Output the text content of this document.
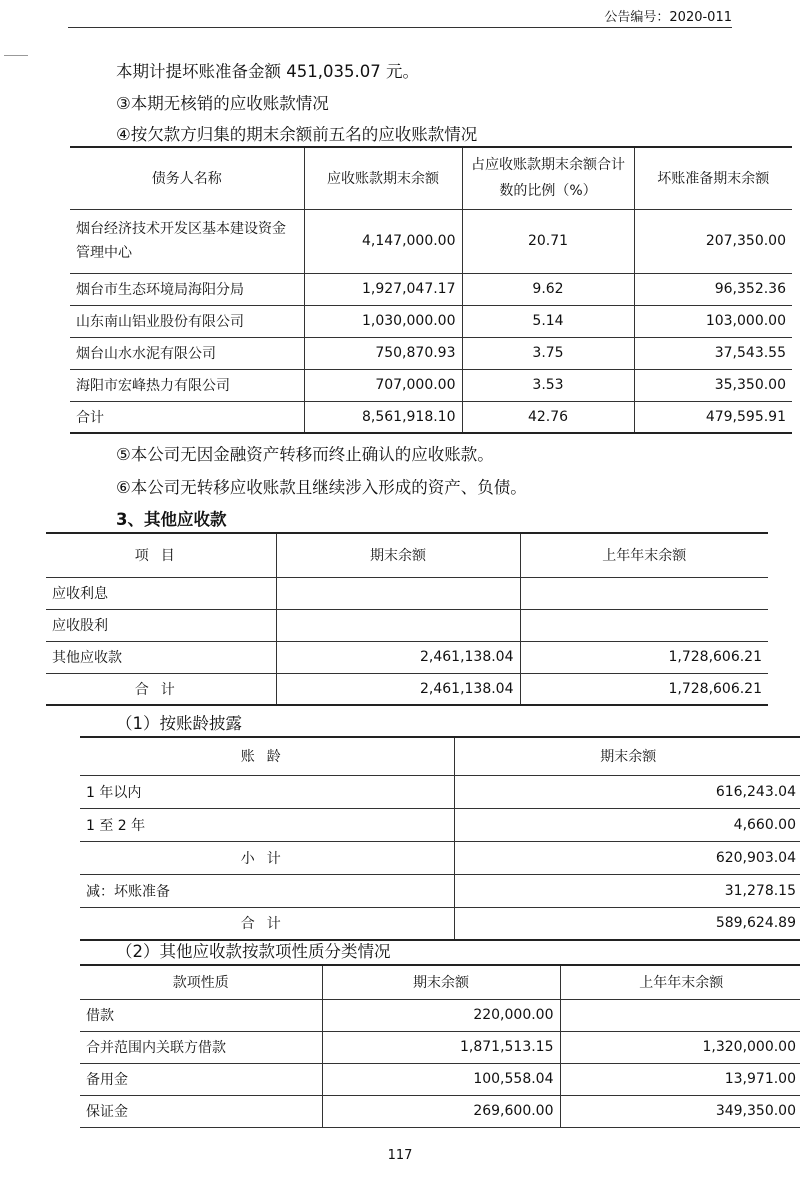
公告编号：2020-011
本期计提坏账准备金额 451,035.07 元。
③本期无核销的应收账款情况
④按欠款方归集的期末余额前五名的应收账款情况
债务人名称	应收账款期末余额	占应收账款期末余额合计数的比例（%）	坏账准备期末余额
烟台经济技术开发区基本建设资金管理中心	4,147,000.00	20.71	207,350.00
烟台市生态环境局海阳分局	1,927,047.17	9.62	96,352.36
山东南山铝业股份有限公司	1,030,000.00	5.14	103,000.00
烟台山水水泥有限公司	750,870.93	3.75	37,543.55
海阳市宏峰热力有限公司	707,000.00	3.53	35,350.00
合计	8,561,918.10	42.76	479,595.91
⑤本公司无因金融资产转移而终止确认的应收账款。
⑥本公司无转移应收账款且继续涉入形成的资产、负债。
3、其他应收款
项目	期末余额	上年年末余额
应收利息		
应收股利		
其他应收款	2,461,138.04	1,728,606.21
合计	2,461,138.04	1,728,606.21
（1）按账龄披露
账龄	期末余额
1 年以内	616,243.04
1 至 2 年	4,660.00
小计	620,903.04
减：坏账准备	31,278.15
合计	589,624.89
（2）其他应收款按款项性质分类情况
款项性质	期末余额	上年年末余额
借款	220,000.00	
合并范围内关联方借款	1,871,513.15	1,320,000.00
备用金	100,558.04	13,971.00
保证金	269,600.00	349,350.00
117
